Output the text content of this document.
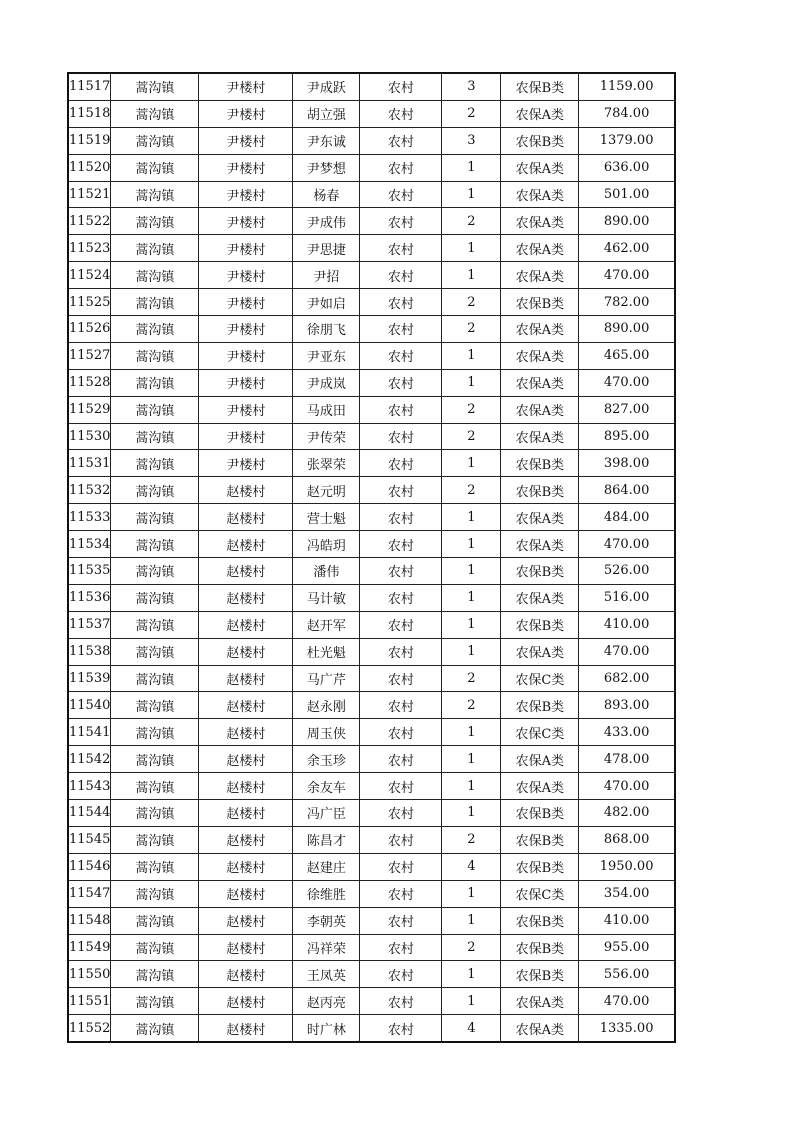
11517	蒿沟镇	尹楼村	尹成跃	农村	3	农保B类	1159.00
11518	蒿沟镇	尹楼村	胡立强	农村	2	农保A类	784.00
11519	蒿沟镇	尹楼村	尹东诚	农村	3	农保B类	1379.00
11520	蒿沟镇	尹楼村	尹梦想	农村	1	农保A类	636.00
11521	蒿沟镇	尹楼村	杨春	农村	1	农保A类	501.00
11522	蒿沟镇	尹楼村	尹成伟	农村	2	农保A类	890.00
11523	蒿沟镇	尹楼村	尹思捷	农村	1	农保A类	462.00
11524	蒿沟镇	尹楼村	尹招	农村	1	农保A类	470.00
11525	蒿沟镇	尹楼村	尹如启	农村	2	农保B类	782.00
11526	蒿沟镇	尹楼村	徐朋飞	农村	2	农保A类	890.00
11527	蒿沟镇	尹楼村	尹亚东	农村	1	农保A类	465.00
11528	蒿沟镇	尹楼村	尹成岚	农村	1	农保A类	470.00
11529	蒿沟镇	尹楼村	马成田	农村	2	农保A类	827.00
11530	蒿沟镇	尹楼村	尹传荣	农村	2	农保A类	895.00
11531	蒿沟镇	尹楼村	张翠荣	农村	1	农保B类	398.00
11532	蒿沟镇	赵楼村	赵元明	农村	2	农保B类	864.00
11533	蒿沟镇	赵楼村	营士魁	农村	1	农保A类	484.00
11534	蒿沟镇	赵楼村	冯皓玥	农村	1	农保A类	470.00
11535	蒿沟镇	赵楼村	潘伟	农村	1	农保B类	526.00
11536	蒿沟镇	赵楼村	马计敏	农村	1	农保A类	516.00
11537	蒿沟镇	赵楼村	赵开军	农村	1	农保B类	410.00
11538	蒿沟镇	赵楼村	杜光魁	农村	1	农保A类	470.00
11539	蒿沟镇	赵楼村	马广芹	农村	2	农保C类	682.00
11540	蒿沟镇	赵楼村	赵永刚	农村	2	农保B类	893.00
11541	蒿沟镇	赵楼村	周玉侠	农村	1	农保C类	433.00
11542	蒿沟镇	赵楼村	余玉珍	农村	1	农保A类	478.00
11543	蒿沟镇	赵楼村	余友车	农村	1	农保A类	470.00
11544	蒿沟镇	赵楼村	冯广臣	农村	1	农保B类	482.00
11545	蒿沟镇	赵楼村	陈昌才	农村	2	农保B类	868.00
11546	蒿沟镇	赵楼村	赵建庄	农村	4	农保B类	1950.00
11547	蒿沟镇	赵楼村	徐维胜	农村	1	农保C类	354.00
11548	蒿沟镇	赵楼村	李朝英	农村	1	农保B类	410.00
11549	蒿沟镇	赵楼村	冯祥荣	农村	2	农保B类	955.00
11550	蒿沟镇	赵楼村	王凤英	农村	1	农保B类	556.00
11551	蒿沟镇	赵楼村	赵丙亮	农村	1	农保A类	470.00
11552	蒿沟镇	赵楼村	时广林	农村	4	农保A类	1335.00
